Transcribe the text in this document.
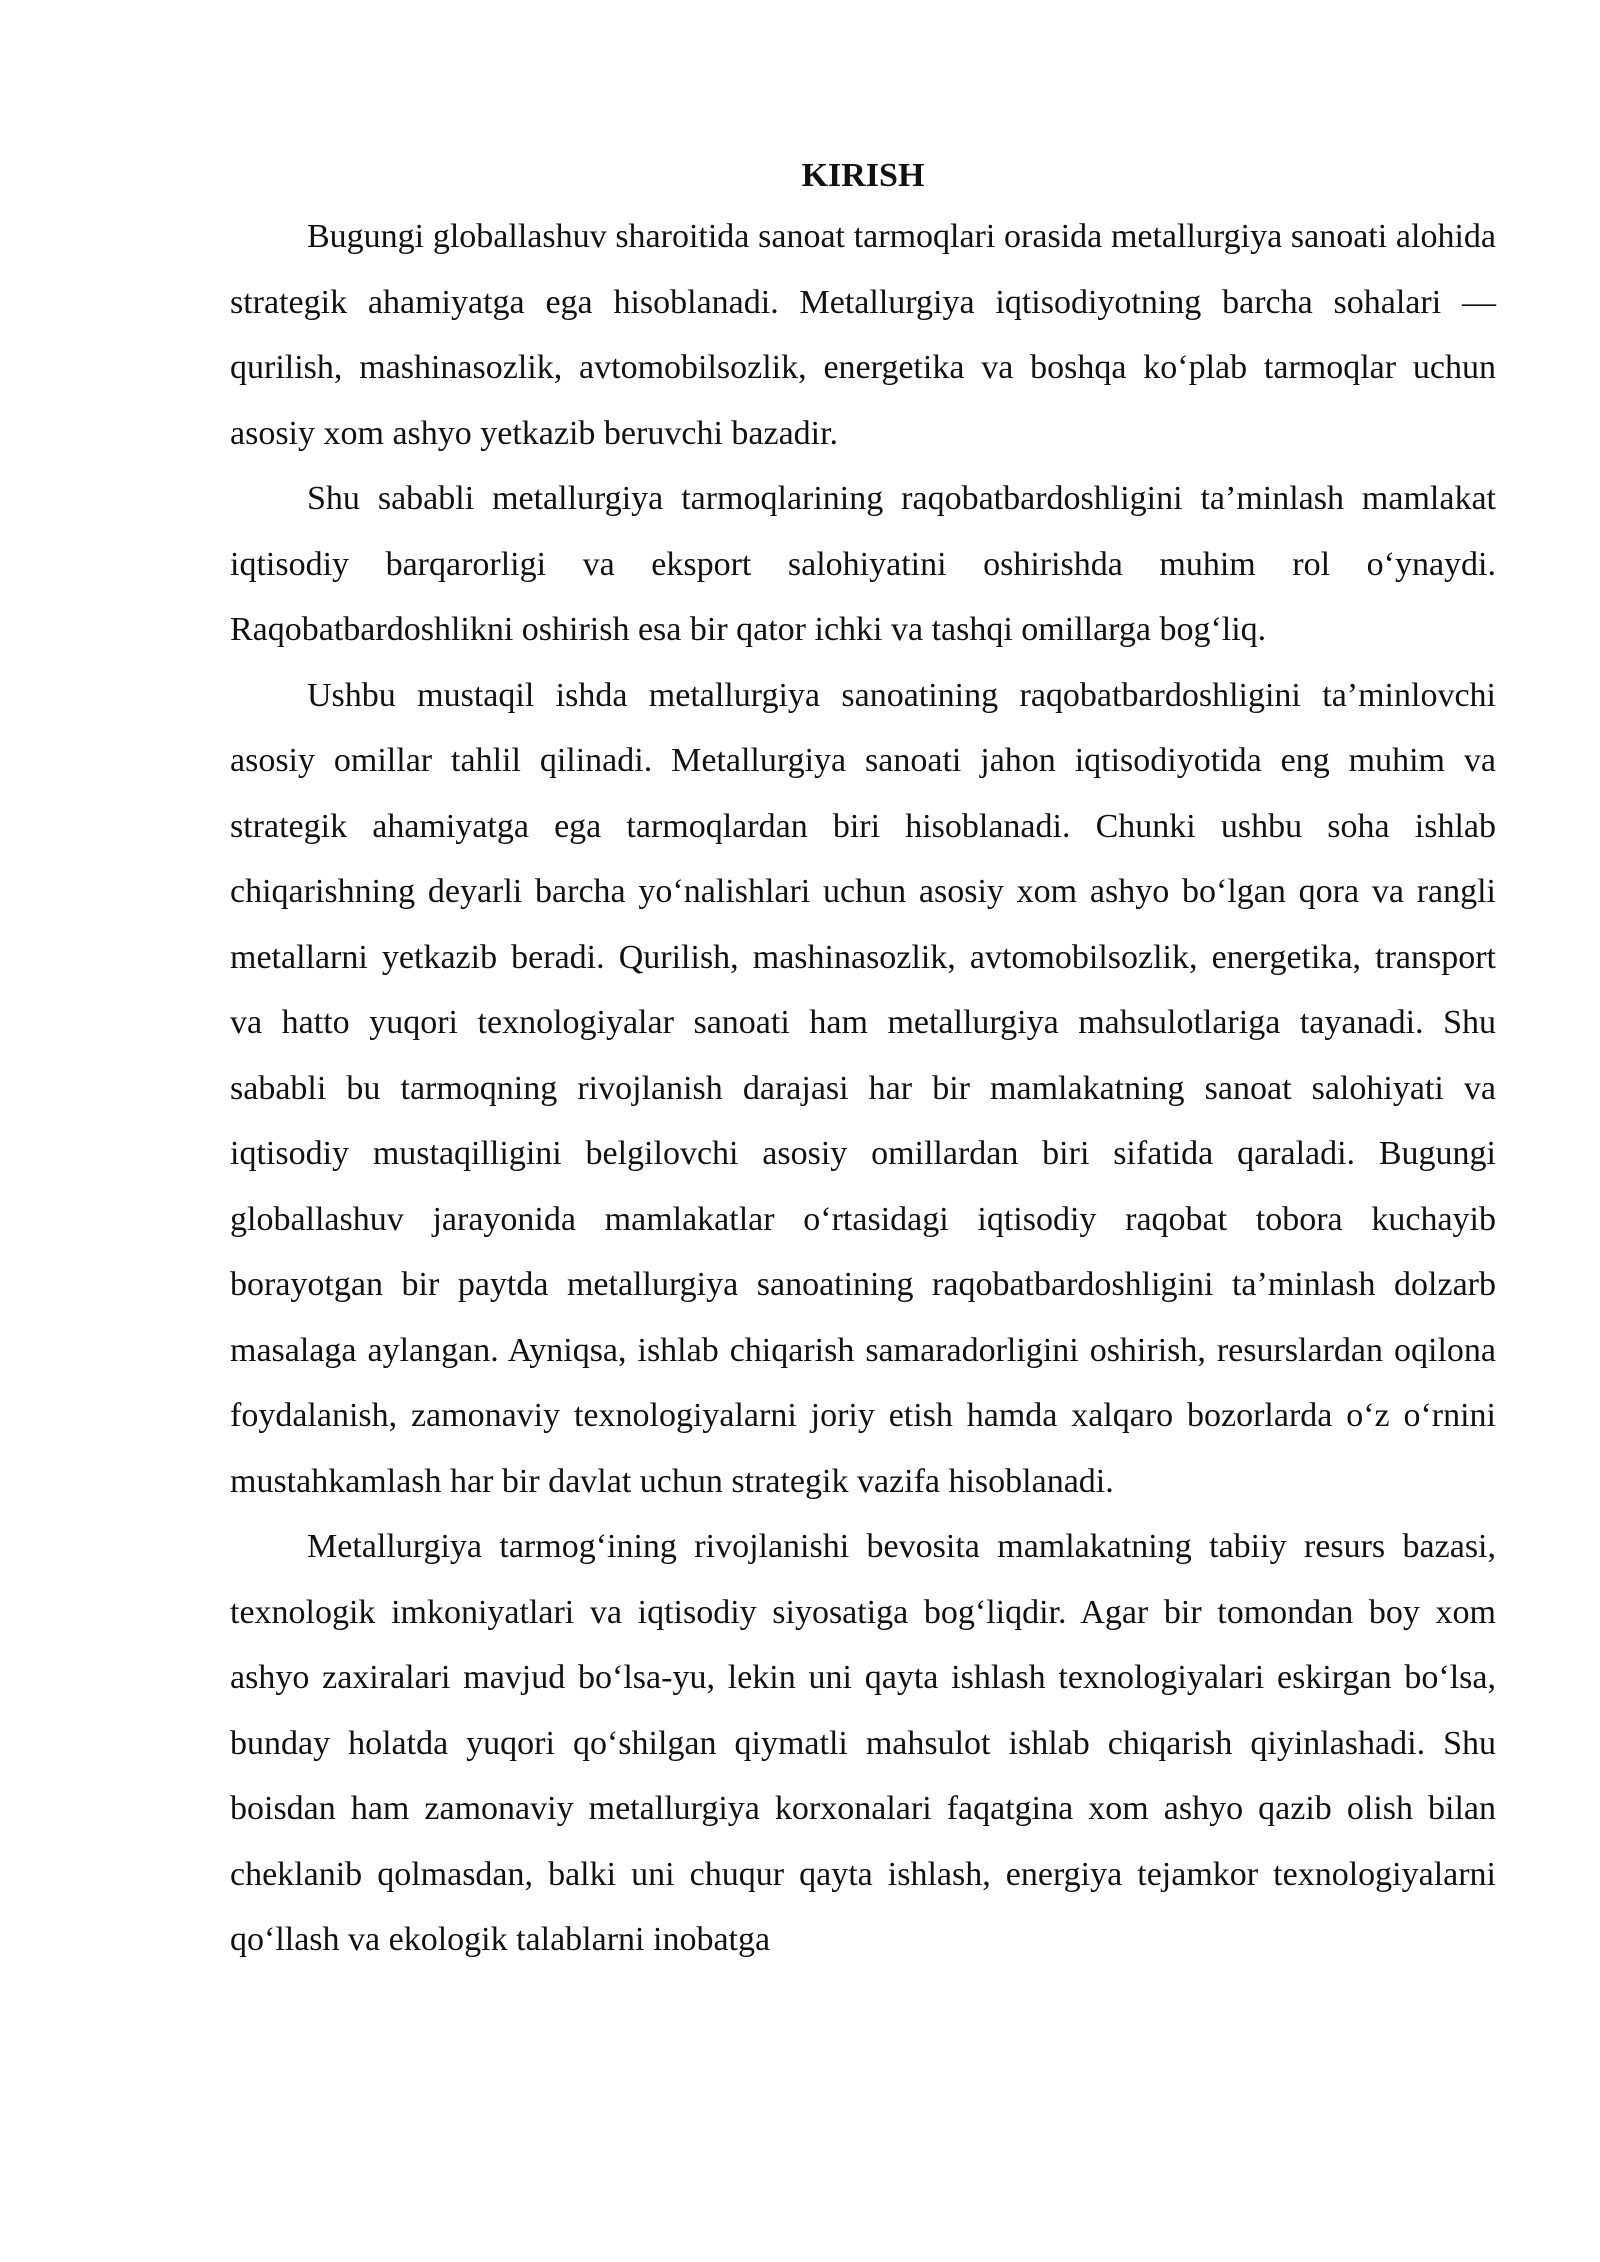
KIRISH

Bugungi globallashuv sharoitida sanoat tarmoqlari orasida metallurgiya sanoati alohida strategik ahamiyatga ega hisoblanadi. Metallurgiya iqtisodiyotning barcha sohalari — qurilish, mashinasozlik, avtomobilsozlik, energetika va boshqa ko‘plab tarmoqlar uchun asosiy xom ashyo yetkazib beruvchi bazadir.

Shu sababli metallurgiya tarmoqlarining raqobatbardoshligini ta’minlash mamlakat iqtisodiy barqarorligi va eksport salohiyatini oshirishda muhim rol o‘ynaydi. Raqobatbardoshlikni oshirish esa bir qator ichki va tashqi omillarga bog‘liq.

Ushbu mustaqil ishda metallurgiya sanoatining raqobatbardoshligini ta’minlovchi asosiy omillar tahlil qilinadi. Metallurgiya sanoati jahon iqtisodiyotida eng muhim va strategik ahamiyatga ega tarmoqlardan biri hisoblanadi. Chunki ushbu soha ishlab chiqarishning deyarli barcha yo‘nalishlari uchun asosiy xom ashyo bo‘lgan qora va rangli metallarni yetkazib beradi. Qurilish, mashinasozlik, avtomobilsozlik, energetika, transport va hatto yuqori texnologiyalar sanoati ham metallurgiya mahsulotlariga tayanadi. Shu sababli bu tarmoqning rivojlanish darajasi har bir mamlakatning sanoat salohiyati va iqtisodiy mustaqilligini belgilovchi asosiy omillardan biri sifatida qaraladi. Bugungi globallashuv jarayonida mamlakatlar o‘rtasidagi iqtisodiy raqobat tobora kuchayib borayotgan bir paytda metallurgiya sanoatining raqobatbardoshligini ta’minlash dolzarb masalaga aylangan. Ayniqsa, ishlab chiqarish samaradorligini oshirish, resurslardan oqilona foydalanish, zamonaviy texnologiyalarni joriy etish hamda xalqaro bozorlarda o‘z o‘rnini mustahkamlash har bir davlat uchun strategik vazifa hisoblanadi.

Metallurgiya tarmog‘ining rivojlanishi bevosita mamlakatning tabiiy resurs bazasi, texnologik imkoniyatlari va iqtisodiy siyosatiga bog‘liqdir. Agar bir tomondan boy xom ashyo zaxiralari mavjud bo‘lsa-yu, lekin uni qayta ishlash texnologiyalari eskirgan bo‘lsa, bunday holatda yuqori qo‘shilgan qiymatli mahsulot ishlab chiqarish qiyinlashadi. Shu boisdan ham zamonaviy metallurgiya korxonalari faqatgina xom ashyo qazib olish bilan cheklanib qolmasdan, balki uni chuqur qayta ishlash, energiya tejamkor texnologiyalarni qo‘llash va ekologik talablarni inobatga
